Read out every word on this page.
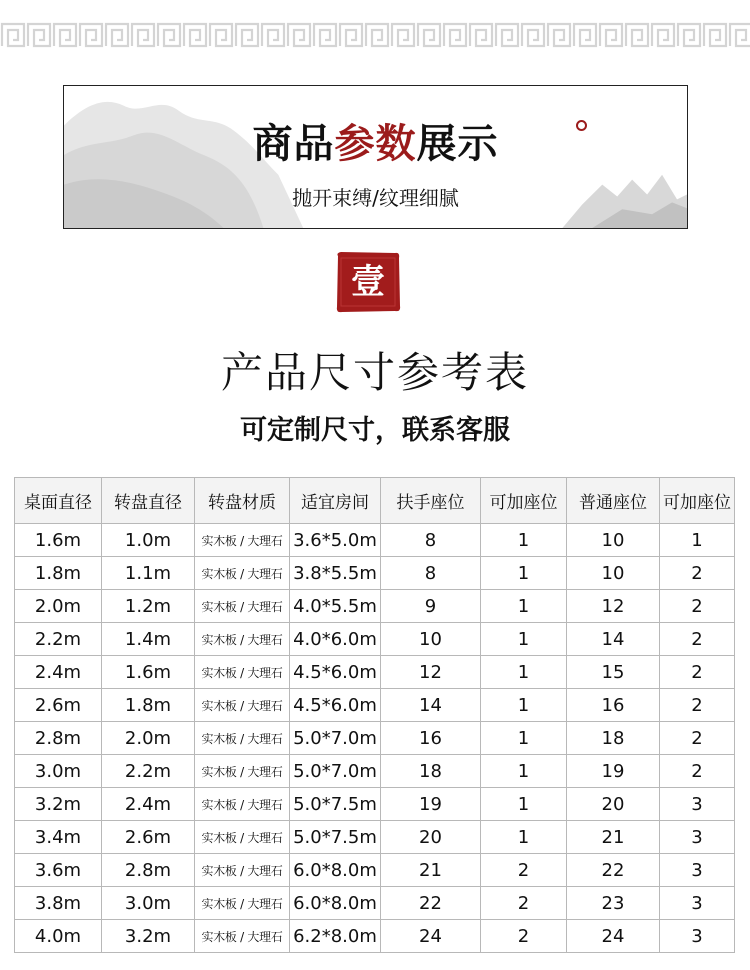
商品参数展示
抛开束缚/纹理细腻
壹
产品尺寸参考表
可定制尺寸，联系客服
桌面直径	转盘直径	转盘材质	适宜房间	扶手座位	可加座位	普通座位	可加座位
1.6m	1.0m	实木板 / 大理石	3.6*5.0m	8	1	10	1
1.8m	1.1m	实木板 / 大理石	3.8*5.5m	8	1	10	2
2.0m	1.2m	实木板 / 大理石	4.0*5.5m	9	1	12	2
2.2m	1.4m	实木板 / 大理石	4.0*6.0m	10	1	14	2
2.4m	1.6m	实木板 / 大理石	4.5*6.0m	12	1	15	2
2.6m	1.8m	实木板 / 大理石	4.5*6.0m	14	1	16	2
2.8m	2.0m	实木板 / 大理石	5.0*7.0m	16	1	18	2
3.0m	2.2m	实木板 / 大理石	5.0*7.0m	18	1	19	2
3.2m	2.4m	实木板 / 大理石	5.0*7.5m	19	1	20	3
3.4m	2.6m	实木板 / 大理石	5.0*7.5m	20	1	21	3
3.6m	2.8m	实木板 / 大理石	6.0*8.0m	21	2	22	3
3.8m	3.0m	实木板 / 大理石	6.0*8.0m	22	2	23	3
4.0m	3.2m	实木板 / 大理石	6.2*8.0m	24	2	24	3
